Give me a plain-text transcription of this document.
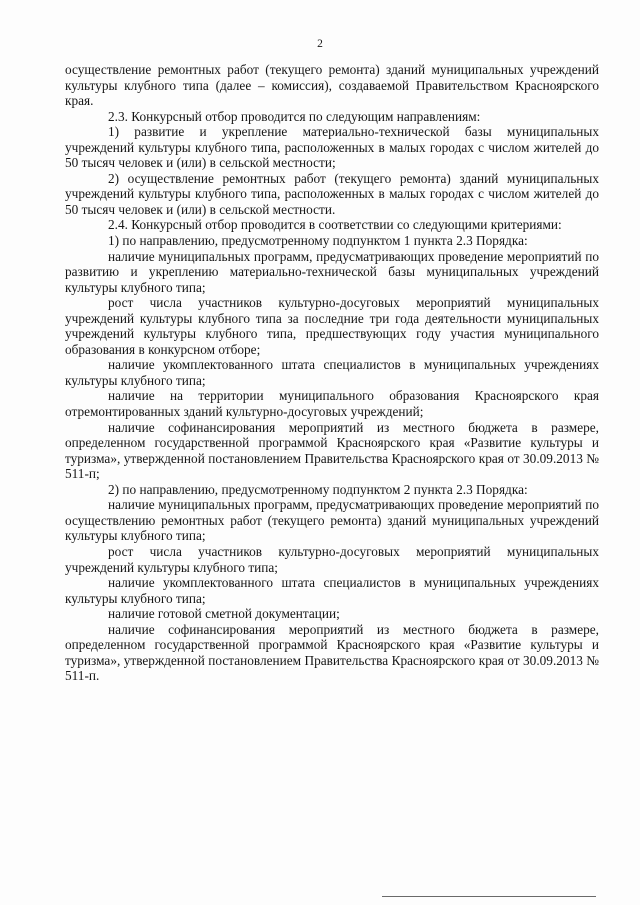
2

осуществление ремонтных работ (текущего ремонта) зданий муниципальных учреждений культуры клубного типа (далее – комиссия), создаваемой Правительством Красноярского края.

2.3. Конкурсный отбор проводится по следующим направлениям:

1) развитие и укрепление материально-технической базы муниципальных учреждений культуры клубного типа, расположенных в малых городах с числом жителей до 50 тысяч человек и (или) в сельской местности;

2) осуществление ремонтных работ (текущего ремонта) зданий муниципальных учреждений культуры клубного типа, расположенных в малых городах с числом жителей до 50 тысяч человек и (или) в сельской местности.

2.4. Конкурсный отбор проводится в соответствии со следующими критериями:

1) по направлению, предусмотренному подпунктом 1 пункта 2.3 Порядка:

наличие муниципальных программ, предусматривающих проведение мероприятий по развитию и укреплению материально-технической базы муниципальных учреждений культуры клубного типа;

рост числа участников культурно-досуговых мероприятий муниципальных учреждений культуры клубного типа за последние три года деятельности муниципальных учреждений культуры клубного типа, предшествующих году участия муниципального образования в конкурсном отборе;

наличие укомплектованного штата специалистов в муниципальных учреждениях культуры клубного типа;

наличие на территории муниципального образования Красноярского края отремонтированных зданий культурно-досуговых учреждений;

наличие софинансирования мероприятий из местного бюджета в размере, определенном государственной программой Красноярского края «Развитие культуры и туризма», утвержденной постановлением Правительства Красноярского края от 30.09.2013 № 511-п;

2) по направлению, предусмотренному подпунктом 2 пункта 2.3 Порядка:

наличие муниципальных программ, предусматривающих проведение мероприятий по осуществлению ремонтных работ (текущего ремонта) зданий муниципальных учреждений культуры клубного типа;

рост числа участников культурно-досуговых мероприятий муниципальных учреждений культуры клубного типа;

наличие укомплектованного штата специалистов в муниципальных учреждениях культуры клубного типа;

наличие готовой сметной документации;

наличие софинансирования мероприятий из местного бюджета в размере, определенном государственной программой Красноярского края «Развитие культуры и туризма», утвержденной постановлением Правительства Красноярского края от 30.09.2013 № 511-п.
